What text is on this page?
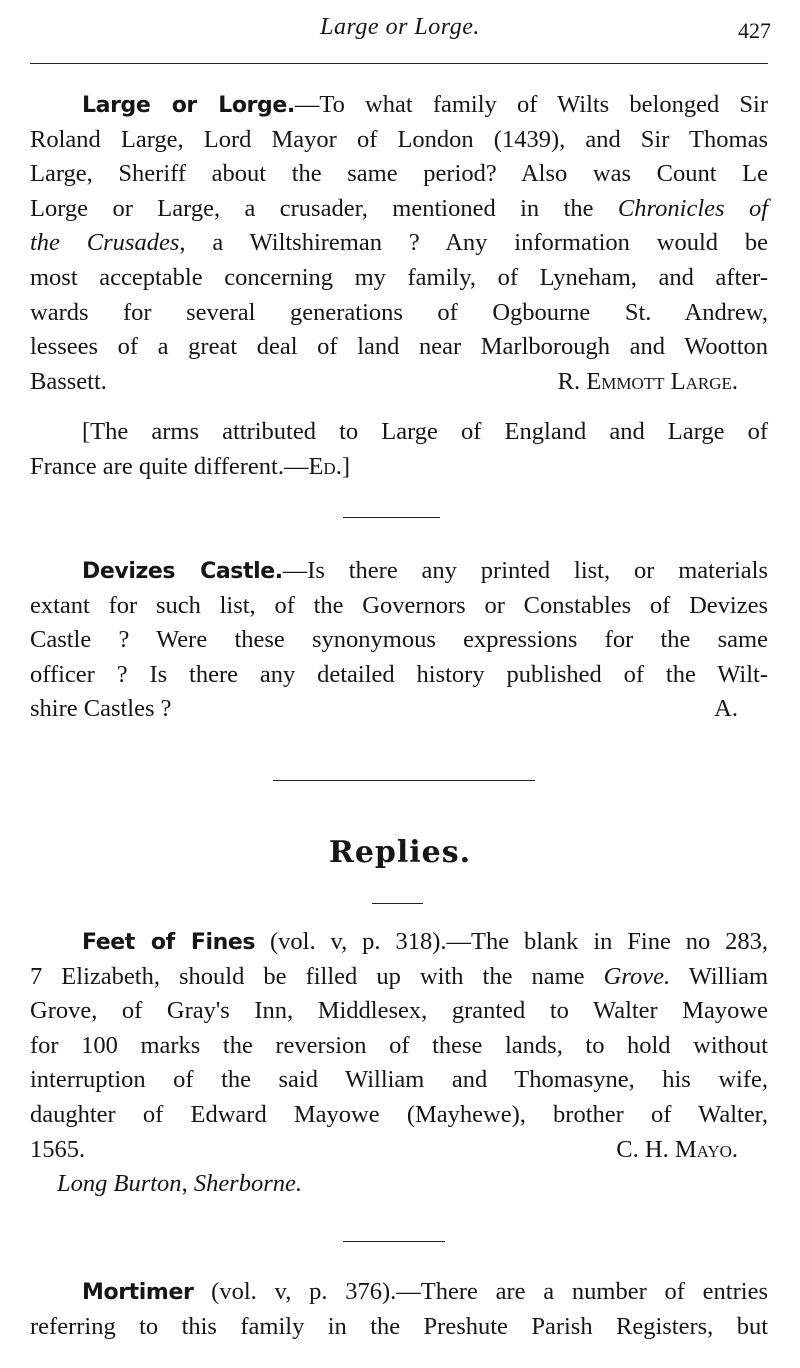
Large or Lorge.	427
Large or Lorge.—To what family of Wilts belonged Sir
Roland Large, Lord Mayor of London (1439), and Sir Thomas
Large, Sheriff about the same period? Also was Count Le
Lorge or Large, a crusader, mentioned in the Chronicles of
the Crusades, a Wiltshireman ? Any information would be
most acceptable concerning my family, of Lyneham, and after-
wards for several generations of Ogbourne St. Andrew,
lessees of a great deal of land near Marlborough and Wootton
Bassett.	R. Emmott Large.
[The arms attributed to Large of England and Large of
France are quite different.—Ed.]
Devizes Castle.—Is there any printed list, or materials
extant for such list, of the Governors or Constables of Devizes
Castle ? Were these synonymous expressions for the same
officer ? Is there any detailed history published of the Wilt-
shire Castles ?	A.
Feet of Fines (vol. v, p. 318).—The blank in Fine no 283,
7 Elizabeth, should be filled up with the name Grove. William
Grove, of Gray's Inn, Middlesex, granted to Walter Mayowe
for 100 marks the reversion of these lands, to hold without
interruption of the said William and Thomasyne, his wife,
daughter of Edward Mayowe (Mayhewe), brother of Walter,
1565.	C. H. Mayo.
Long Burton, Sherborne.
Mortimer (vol. v, p. 376).—There are a number of entries
referring to this family in the Preshute Parish Registers, but
Replies.
